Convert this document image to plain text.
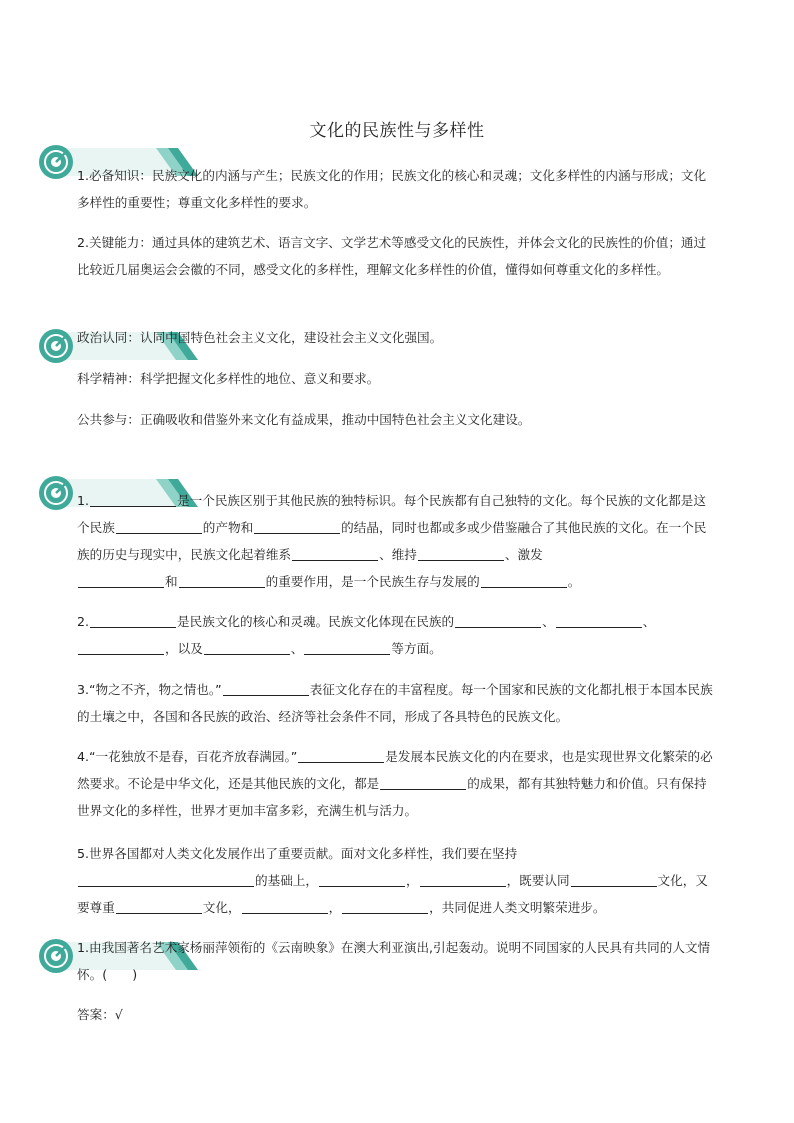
文化的民族性与多样性
1.必备知识：民族文化的内涵与产生；民族文化的作用；民族文化的核心和灵魂；文化多样性的内涵与形成；文化多样性的重要性；尊重文化多样性的要求。
2.关键能力：通过具体的建筑艺术、语言文字、文学艺术等感受文化的民族性，并体会文化的民族性的价值；通过比较近几届奥运会会徽的不同，感受文化的多样性，理解文化多样性的价值，懂得如何尊重文化的多样性。
政治认同：认同中国特色社会主义文化，建设社会主义文化强国。
科学精神：科学把握文化多样性的地位、意义和要求。
公共参与：正确吸收和借鉴外来文化有益成果，推动中国特色社会主义文化建设。
1.	是一个民族区别于其他民族的独特标识。每个民族都有自己独特的文化。每个民族的文化都是这个民族	的产物和	的结晶，同时也都或多或少借鉴融合了其他民族的文化。在一个民族的历史与现实中，民族文化起着维系	、维持	、激发
和	的重要作用，是一个民族生存与发展的	。
2.	是民族文化的核心和灵魂。民族文化体现在民族的	、	、
，以及	、	等方面。
3.“物之不齐，物之情也。”	表征文化存在的丰富程度。每一个国家和民族的文化都扎根于本国本民族的土壤之中，各国和各民族的政治、经济等社会条件不同，形成了各具特色的民族文化。
4.“一花独放不是春，百花齐放春满园。”	是发展本民族文化的内在要求，也是实现世界文化繁荣的必然要求。不论是中华文化，还是其他民族的文化，都是	的成果，都有其独特魅力和价值。只有保持世界文化的多样性，世界才更加丰富多彩，充满生机与活力。
5.世界各国都对人类文化发展作出了重要贡献。面对文化多样性，我们要在坚持
的基础上，	，	，既要认同	文化，又要尊重	文化，	，	，共同促进人类文明繁荣进步。
1.由我国著名艺术家杨丽萍领衔的《云南映象》在澳大利亚演出,引起轰动。说明不同国家的人民具有共同的人文情怀。(　　)
答案：√
